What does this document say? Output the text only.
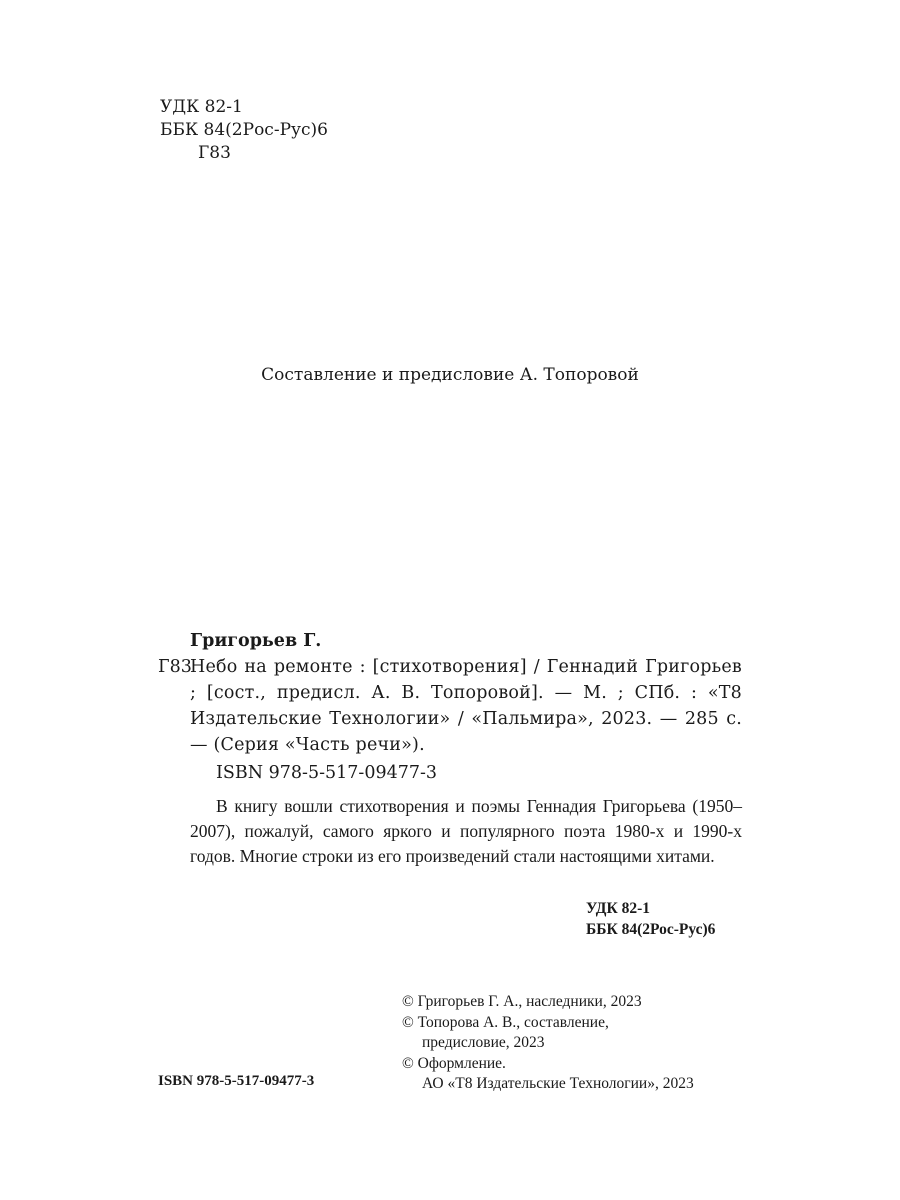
УДК 82-1
ББК 84(2Рос-Рус)6
Г83
Составление и предисловие А. Топоровой
Григорьев Г.
Г83
Небо на ремонте : [стихотворения] / Геннадий Григорьев ; [сост., предисл. А. В. Топоровой]. — М. ; СПб. : «Т8 Издательские Технологии» / «Пальмира», 2023. — 285 с. — (Серия «Часть речи»).
ISBN 978-5-517-09477-3
В книгу вошли стихотворения и поэмы Геннадия Григорьева (1950–2007), пожалуй, самого яркого и популярного поэта 1980-х и 1990-х годов. Многие строки из его произведений стали настоящими хитами.
УДК 82-1
ББК 84(2Рос-Рус)6
© Григорьев Г. А., наследники, 2023
© Топорова А. В., составление,
предисловие, 2023
© Оформление.
АО «Т8 Издательские Технологии», 2023
ISBN 978-5-517-09477-3
